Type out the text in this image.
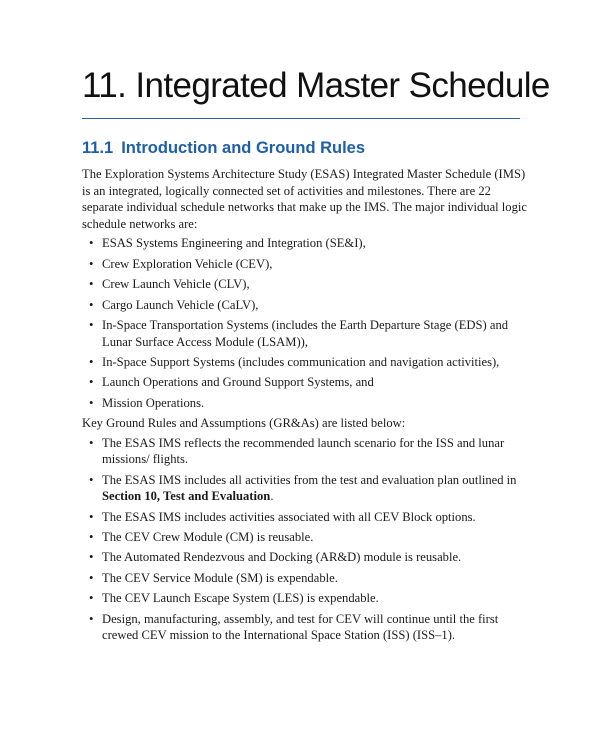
11. Integrated Master Schedule
11.1 Introduction and Ground Rules

The Exploration Systems Architecture Study (ESAS) Integrated Master Schedule (IMS) is an integrated, logically connected set of activities and milestones. There are 22 separate individual schedule networks that make up the IMS. The major individual logic schedule networks are:

• ESAS Systems Engineering and Integration (SE&I),
• Crew Exploration Vehicle (CEV),
• Crew Launch Vehicle (CLV),
• Cargo Launch Vehicle (CaLV),
• In-Space Transportation Systems (includes the Earth Departure Stage (EDS) and Lunar Surface Access Module (LSAM)),
• In-Space Support Systems (includes communication and navigation activities),
• Launch Operations and Ground Support Systems, and
• Mission Operations.

Key Ground Rules and Assumptions (GR&As) are listed below:

• The ESAS IMS reflects the recommended launch scenario for the ISS and lunar missions/ flights.
• The ESAS IMS includes all activities from the test and evaluation plan outlined in Section 10, Test and Evaluation.
• The ESAS IMS includes activities associated with all CEV Block options.
• The CEV Crew Module (CM) is reusable.
• The Automated Rendezvous and Docking (AR&D) module is reusable.
• The CEV Service Module (SM) is expendable.
• The CEV Launch Escape System (LES) is expendable.
• Design, manufacturing, assembly, and test for CEV will continue until the first crewed CEV mission to the International Space Station (ISS) (ISS–1).
